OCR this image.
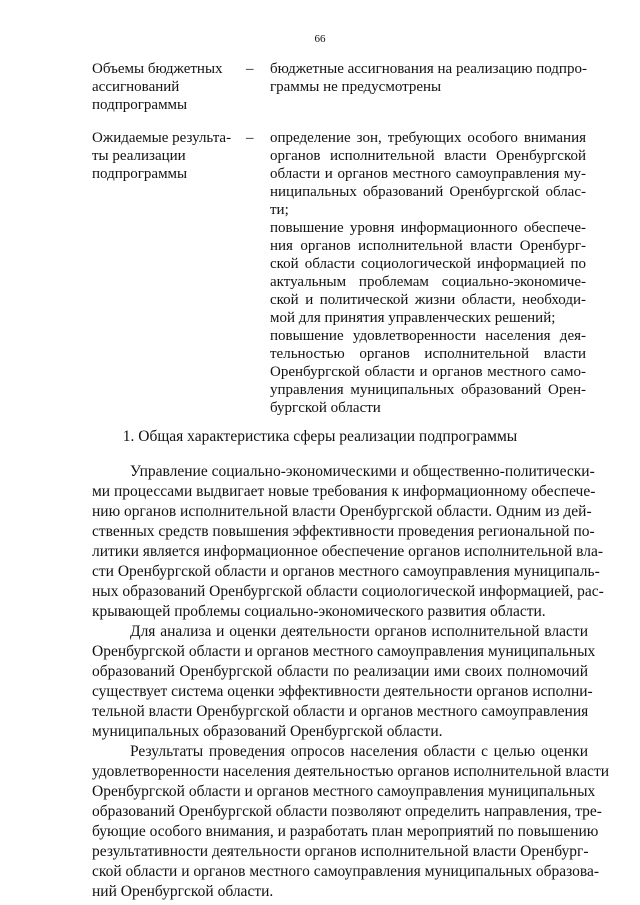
66
Объемы бюджетных
ассигнований
подпрограммы
– бюджетные ассигнования на реализацию подпро-
граммы не предусмотрены
Ожидаемые результа-
ты реализации
подпрограммы
– определение зон, требующих особого внимания
органов исполнительной власти Оренбургской
области и органов местного самоуправления му-
ниципальных образований Оренбургской облас-
ти;
повышение уровня информационного обеспече-
ния органов исполнительной власти Оренбург-
ской области социологической информацией по
актуальным проблемам социально-экономиче-
ской и политической жизни области, необходи-
мой для принятия управленческих решений;
повышение удовлетворенности населения дея-
тельностью органов исполнительной власти
Оренбургской области и органов местного само-
управления муниципальных образований Орен-
бургской области
1. Общая характеристика сферы реализации подпрограммы
Управление социально-экономическими и общественно-политически-
ми процессами выдвигает новые требования к информационному обеспече-
нию органов исполнительной власти Оренбургской области. Одним из дей-
ственных средств повышения эффективности проведения региональной по-
литики является информационное обеспечение органов исполнительной вла-
сти Оренбургской области и органов местного самоуправления муниципаль-
ных образований Оренбургской области социологической информацией, рас-
крывающей проблемы социально-экономического развития области.
Для анализа и оценки деятельности органов исполнительной власти
Оренбургской области и органов местного самоуправления муниципальных
образований Оренбургской области по реализации ими своих полномочий
существует система оценки эффективности деятельности органов исполни-
тельной власти Оренбургской области и органов местного самоуправления
муниципальных образований Оренбургской области.
Результаты проведения опросов населения области с целью оценки
удовлетворенности населения деятельностью органов исполнительной власти
Оренбургской области и органов местного самоуправления муниципальных
образований Оренбургской области позволяют определить направления, тре-
бующие особого внимания, и разработать план мероприятий по повышению
результативности деятельности органов исполнительной власти Оренбург-
ской области и органов местного самоуправления муниципальных образова-
ний Оренбургской области.
